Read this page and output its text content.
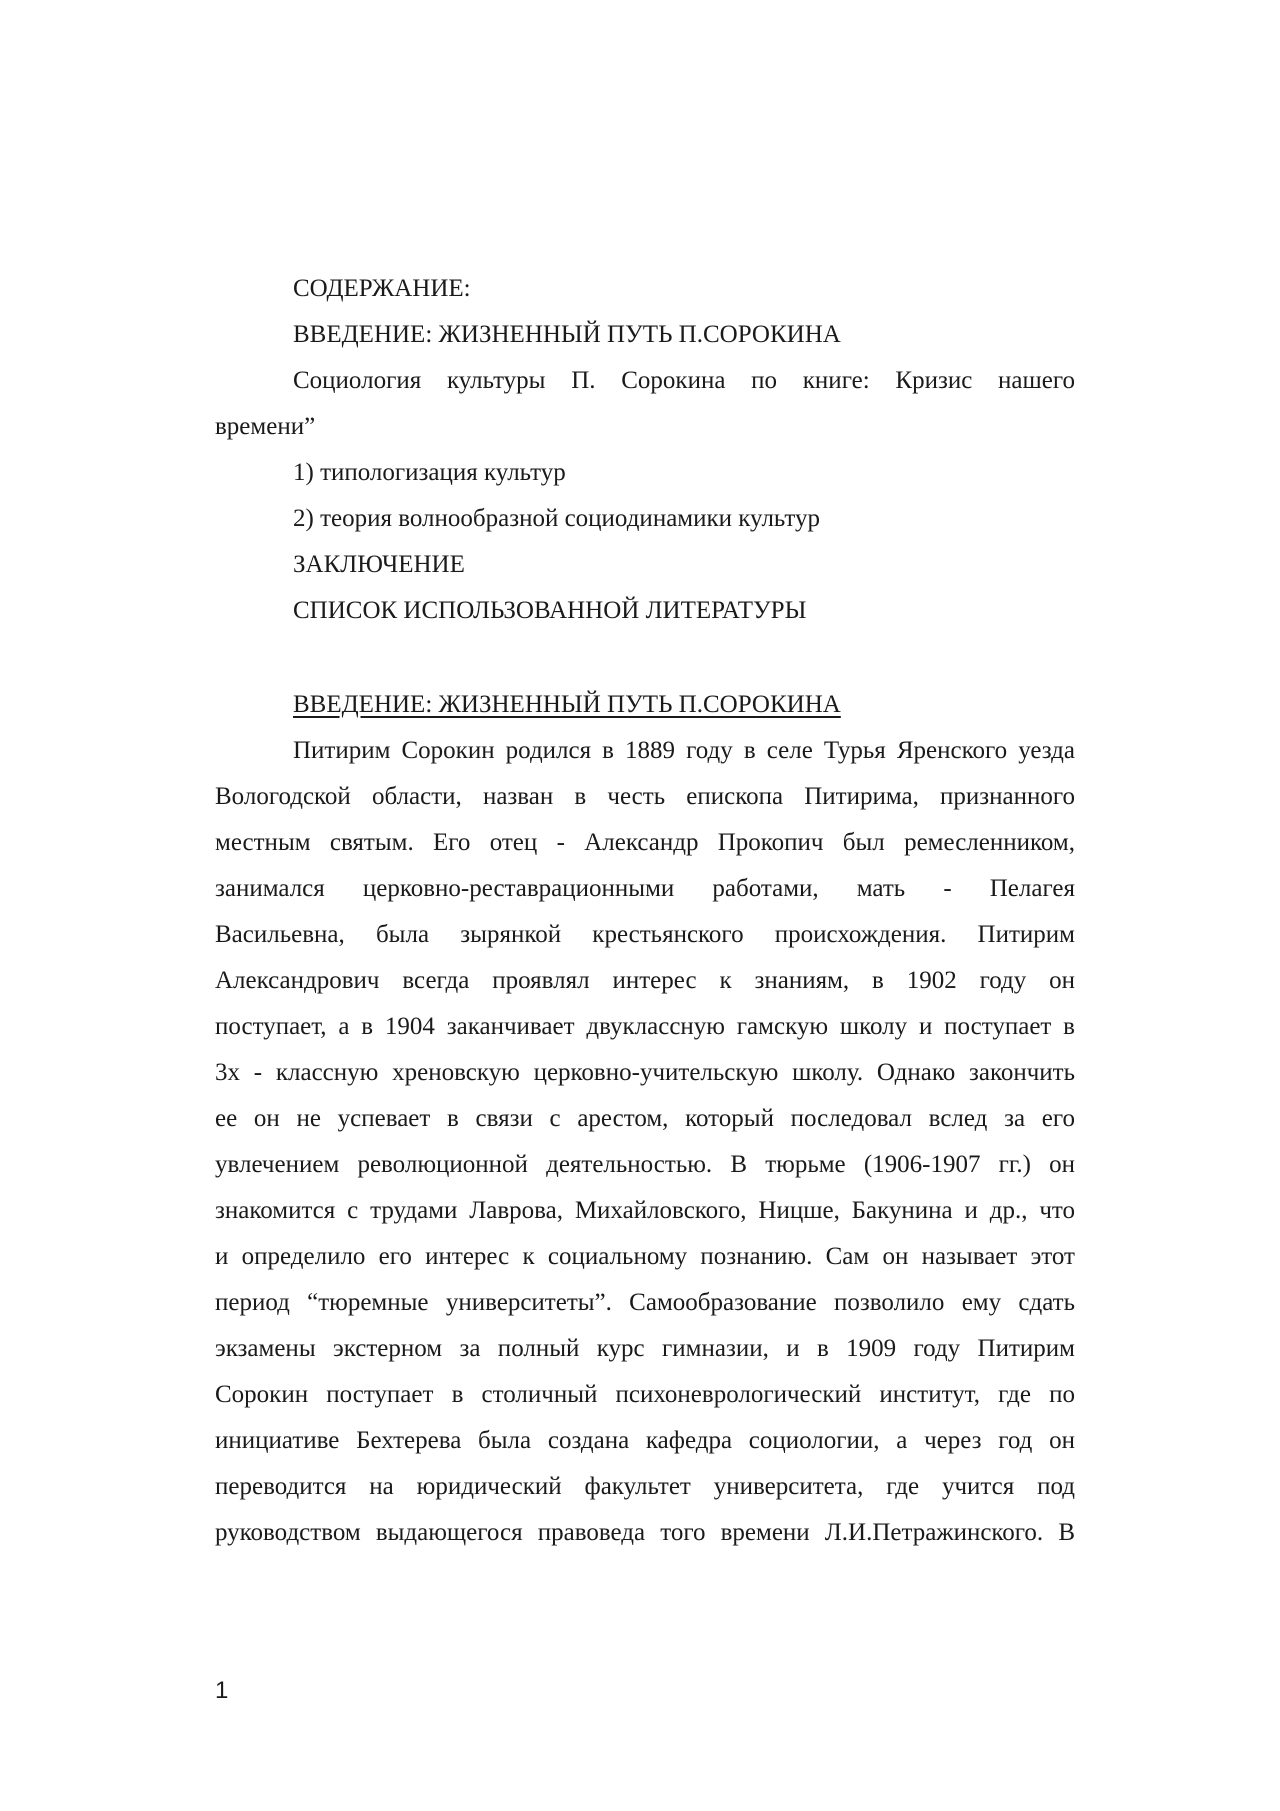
СОДЕРЖАНИЕ:
ВВЕДЕНИЕ: ЖИЗНЕННЫЙ ПУТЬ П.СОРОКИНА
Социология культуры П. Сорокина по книге: Кризис нашего
времени”
1) типологизация культур
2) теория волнообразной социодинамики культур
ЗАКЛЮЧЕНИЕ
СПИСОК ИСПОЛЬЗОВАННОЙ ЛИТЕРАТУРЫ
ВВЕДЕНИЕ: ЖИЗНЕННЫЙ ПУТЬ П.СОРОКИНА
Питирим Сорокин родился в 1889 году в селе Турья Яренского уезда
Вологодской области, назван в честь епископа Питирима, признанного
местным святым. Его отец - Александр Прокопич был ремесленником,
занимался церковно-реставрационными работами, мать - Пелагея
Васильевна, была зырянкой крестьянского происхождения. Питирим
Александрович всегда проявлял интерес к знаниям, в 1902 году он
поступает, а в 1904 заканчивает двуклассную гамскую школу и поступает в
3х - классную хреновскую церковно-учительскую школу. Однако закончить
ее он не успевает в связи с арестом, который последовал вслед за его
увлечением революционной деятельностью. В тюрьме (1906-1907 гг.) он
знакомится с трудами Лаврова, Михайловского, Ницше, Бакунина и др., что
и определило его интерес к социальному познанию. Сам он называет этот
период “тюремные университеты”. Самообразование позволило ему сдать
экзамены экстерном за полный курс гимназии, и в 1909 году Питирим
Сорокин поступает в столичный психоневрологический институт, где по
инициативе Бехтерева была создана кафедра социологии, а через год он
переводится на юридический факультет университета, где учится под
руководством выдающегося правоведа того времени Л.И.Петражинского. В
1
